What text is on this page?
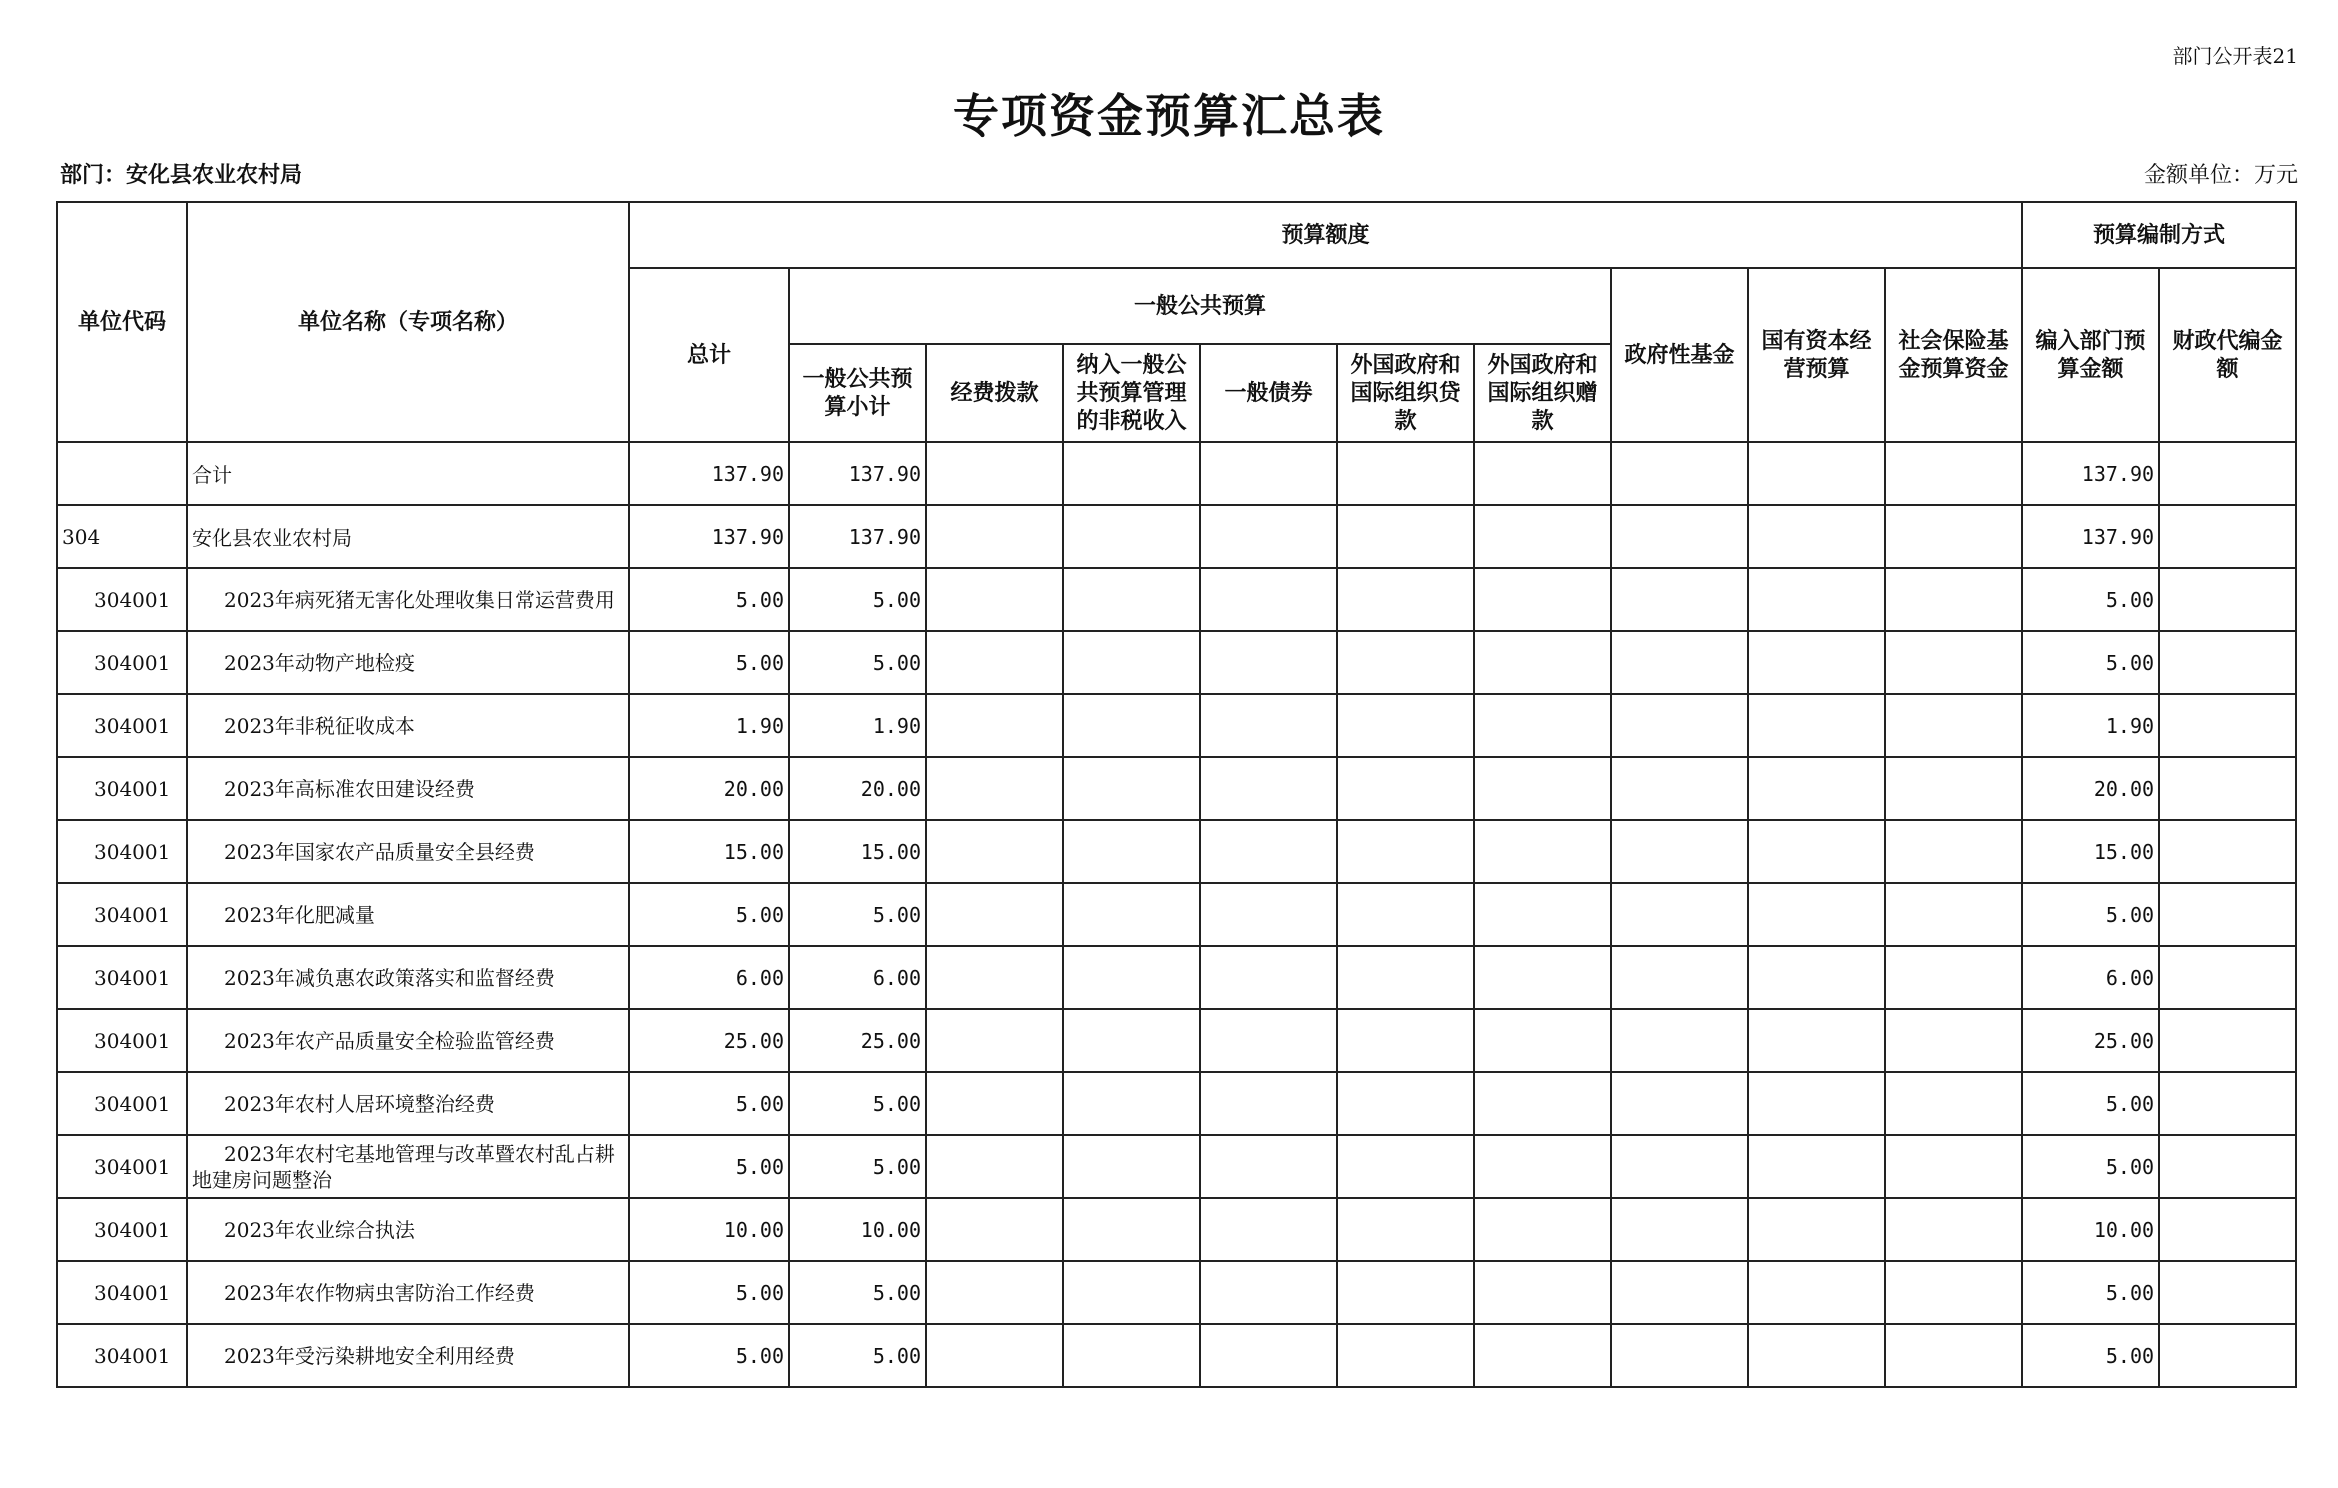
部门公开表21
专项资金预算汇总表
部门：安化县农业农村局	金额单位：万元
单位代码	单位名称（专项名称）	预算额度										预算编制方式	
		总计	一般公共预算						政府性基金	国有资本经营预算	社会保险基金预算资金	编入部门预算金额	财政代编金额
			一般公共预算小计	经费拨款	纳入一般公共预算管理的非税收入	一般债券	外国政府和国际组织贷款	外国政府和国际组织赠款					
	合计	137.90	137.90									137.90	
304	安化县农业农村局	137.90	137.90									137.90	
304001	2023年病死猪无害化处理收集日常运营费用	5.00	5.00									5.00	
304001	2023年动物产地检疫	5.00	5.00									5.00	
304001	2023年非税征收成本	1.90	1.90									1.90	
304001	2023年高标准农田建设经费	20.00	20.00									20.00	
304001	2023年国家农产品质量安全县经费	15.00	15.00									15.00	
304001	2023年化肥减量	5.00	5.00									5.00	
304001	2023年减负惠农政策落实和监督经费	6.00	6.00									6.00	
304001	2023年农产品质量安全检验监管经费	25.00	25.00									25.00	
304001	2023年农村人居环境整治经费	5.00	5.00									5.00	
304001	2023年农村宅基地管理与改革暨农村乱占耕地建房问题整治	5.00	5.00									5.00	
304001	2023年农业综合执法	10.00	10.00									10.00	
304001	2023年农作物病虫害防治工作经费	5.00	5.00									5.00	
304001	2023年受污染耕地安全利用经费	5.00	5.00									5.00	
